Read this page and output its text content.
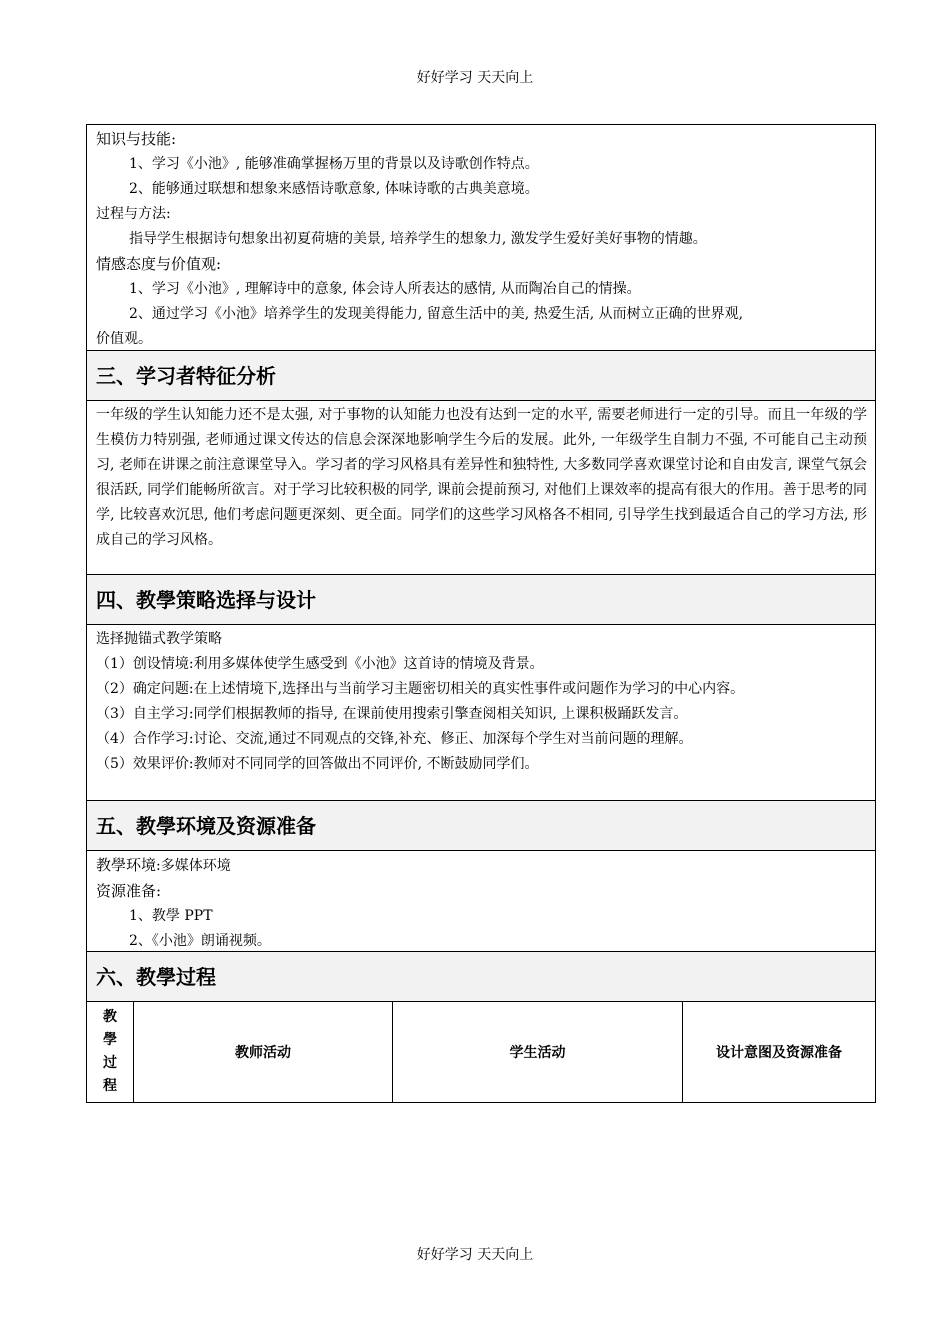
好好学习 天天向上
知识与技能:
1、学习《小池》, 能够准确掌握杨万里的背景以及诗歌创作特点。
2、能够通过联想和想象来感悟诗歌意象, 体味诗歌的古典美意境。
过程与方法:
指导学生根据诗句想象出初夏荷塘的美景, 培养学生的想象力, 激发学生爱好美好事物的情趣。
情感态度与价值观:
1、学习《小池》, 理解诗中的意象, 体会诗人所表达的感情, 从而陶冶自己的情操。
2、通过学习《小池》培养学生的发现美得能力, 留意生活中的美, 热爱生活, 从而树立正确的世界观,
价值观。
三、学习者特征分析
一年级的学生认知能力还不是太强, 对于事物的认知能力也没有达到一定的水平, 需要老师进行一定的引导。而且一年级的学生模仿力特别强, 老师通过课文传达的信息会深深地影响学生今后的发展。此外, 一年级学生自制力不强, 不可能自己主动预习, 老师在讲课之前注意课堂导入。学习者的学习风格具有差异性和独特性, 大多数同学喜欢课堂讨论和自由发言, 课堂气氛会很活跃, 同学们能畅所欲言。对于学习比较积极的同学, 课前会提前预习, 对他们上课效率的提高有很大的作用。善于思考的同学, 比较喜欢沉思, 他们考虑问题更深刻、更全面。同学们的这些学习风格各不相同, 引导学生找到最适合自己的学习方法, 形成自己的学习风格。
四、教學策略选择与设计
选择抛锚式教学策略
（1）创设情境:利用多媒体使学生感受到《小池》这首诗的情境及背景。
（2）确定问题:在上述情境下,选择出与当前学习主题密切相关的真实性事件或问题作为学习的中心内容。
（3）自主学习:同学们根据教师的指导, 在课前使用搜索引擎查阅相关知识, 上课积极踊跃发言。
（4）合作学习:讨论、交流,通过不同观点的交锋,补充、修正、加深每个学生对当前问题的理解。
（5）效果评价:教师对不同同学的回答做出不同评价, 不断鼓励同学们。
五、教學环境及资源准备
教學环境:多媒体环境
资源准备:
1、教學 PPT
2、《小池》朗诵视频。
六、教學过程
教
學
过
程
	教师活动	学生活动	设计意图及资源准备
好好学习 天天向上
